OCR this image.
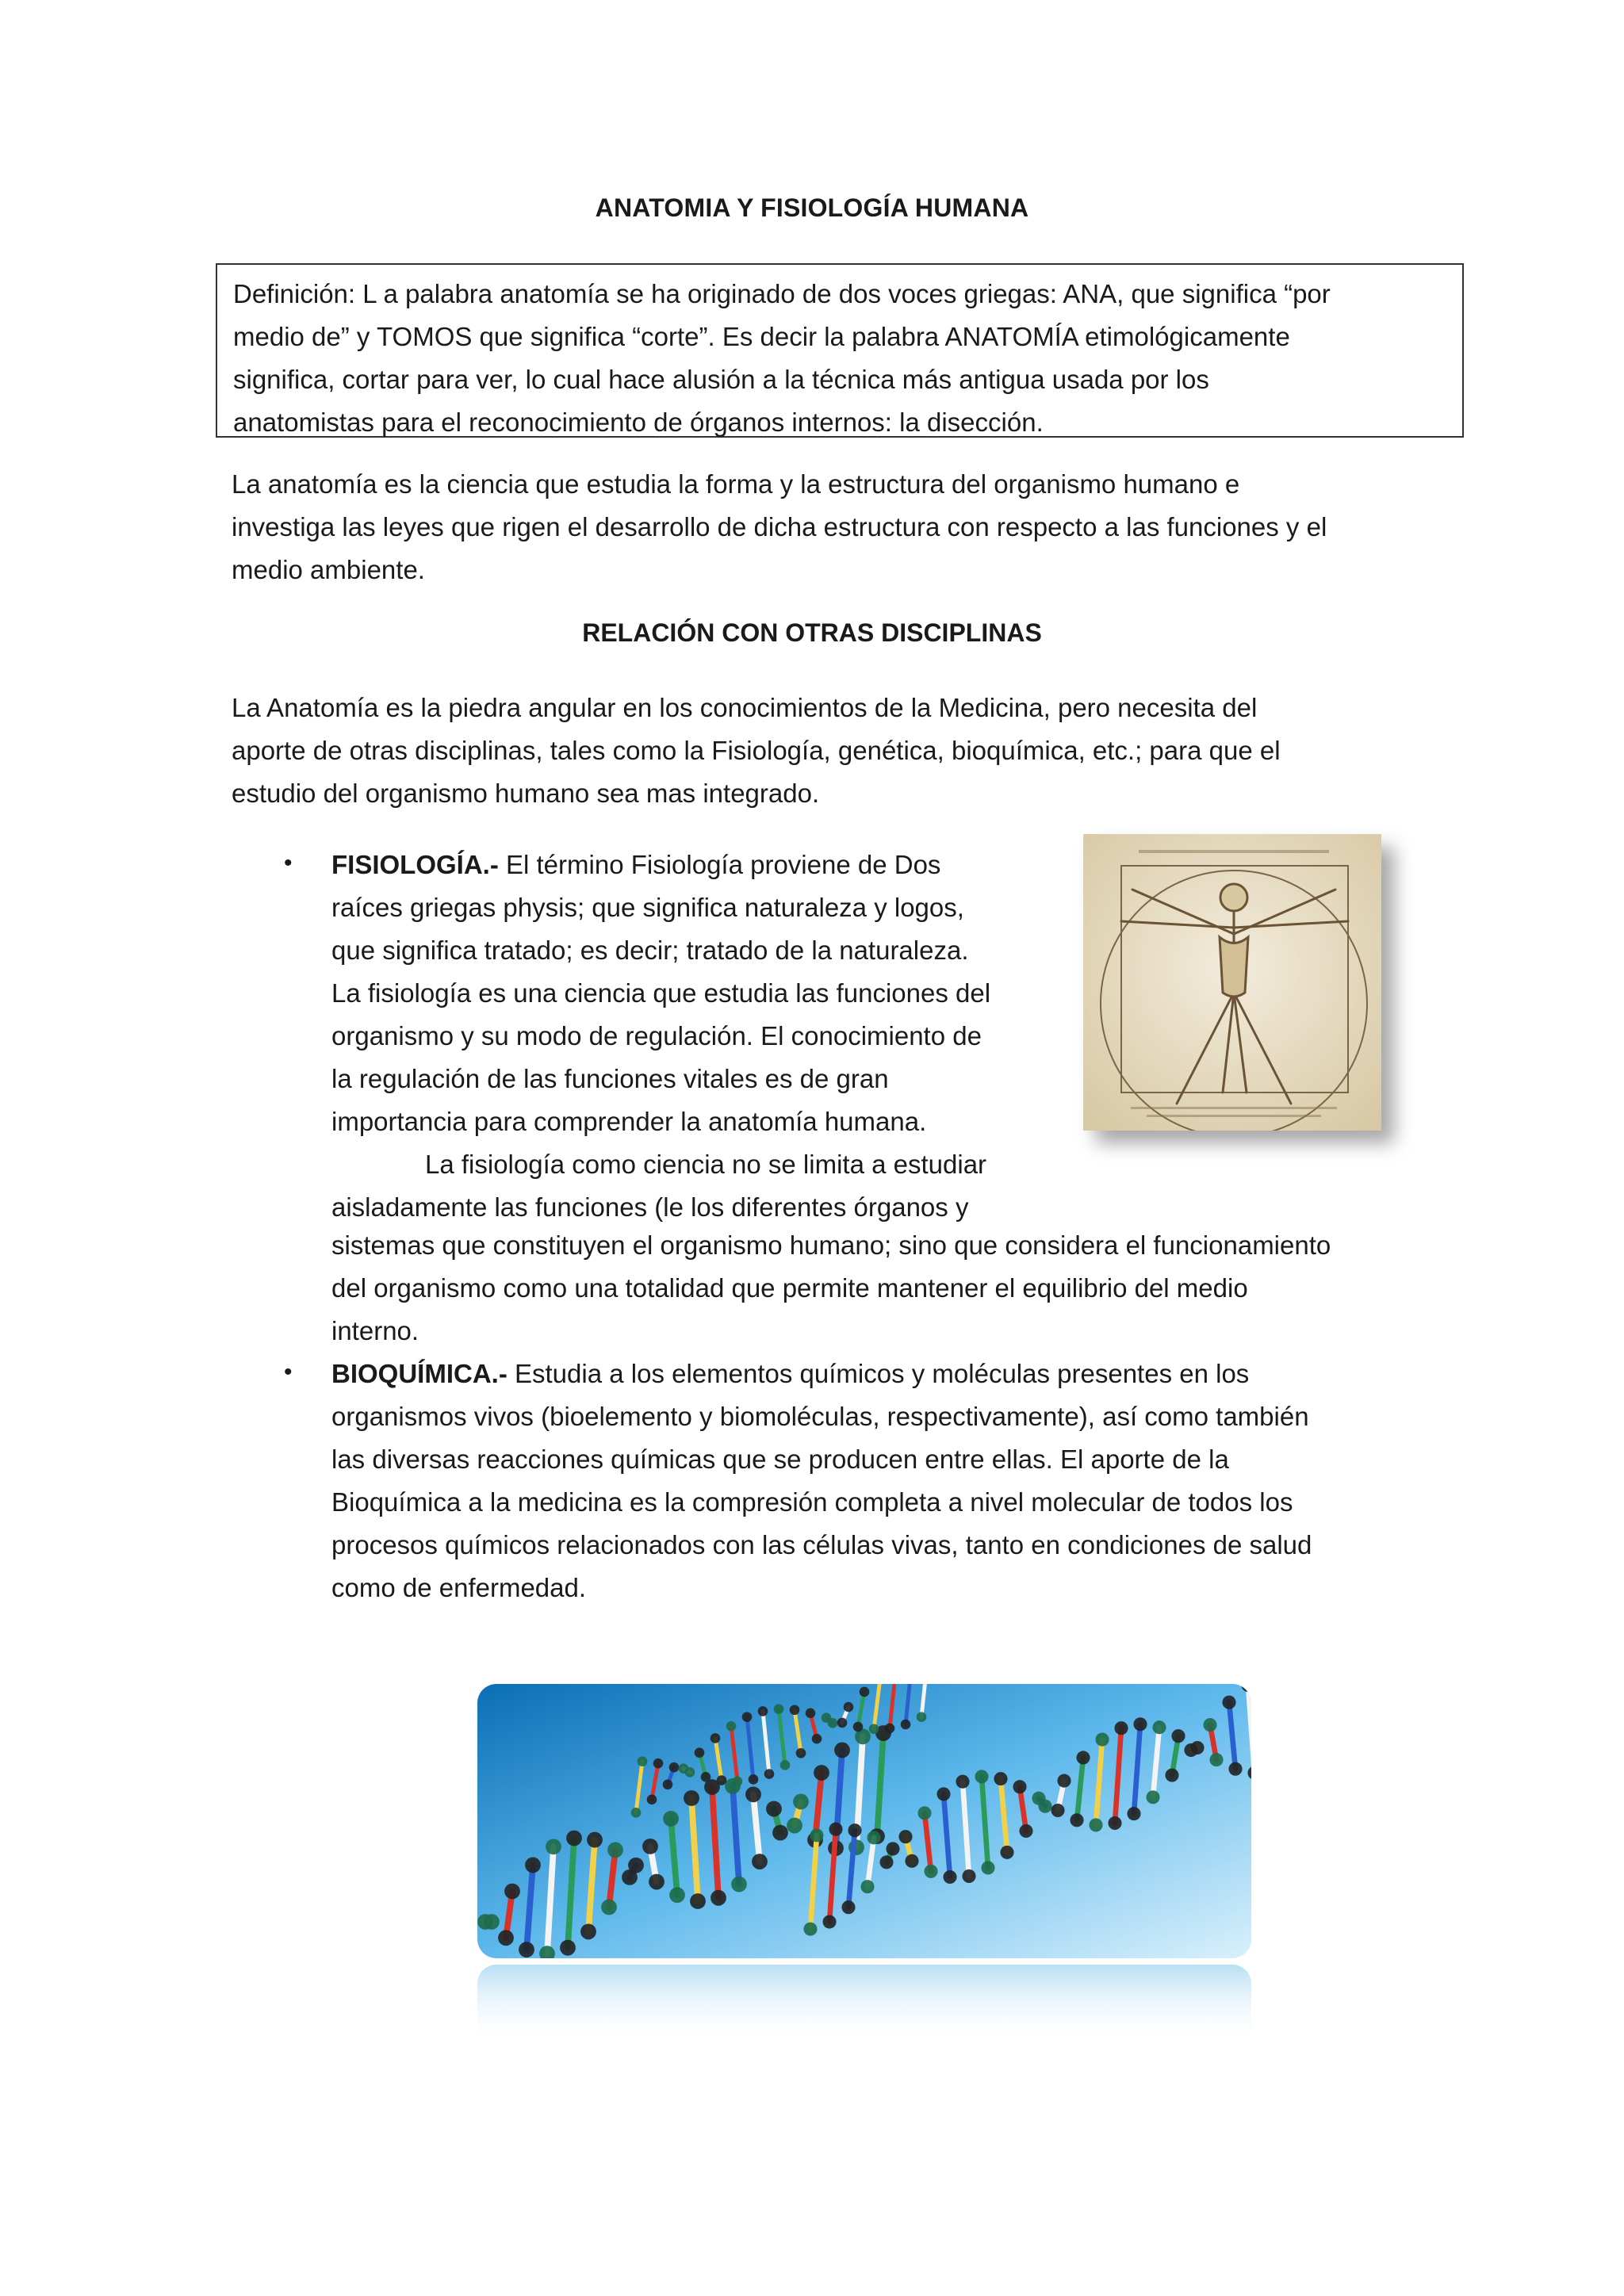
ANATOMIA Y FISIOLOGÍA HUMANA

Definición: L a palabra anatomía se ha originado de dos voces griegas: ANA, que significa “por

medio de” y TOMOS que significa “corte”. Es decir la palabra ANATOMÍA etimológicamente

significa, cortar para ver, lo cual hace alusión a la técnica más antigua usada por los

anatomistas para el reconocimiento de órganos internos: la disección.

La anatomía es la ciencia que estudia la forma y la estructura del organismo humano e

investiga las leyes que rigen el desarrollo de dicha estructura con respecto a las funciones y el

medio ambiente.

RELACIÓN CON OTRAS DISCIPLINAS

La Anatomía es la piedra angular en los conocimientos de la Medicina, pero necesita del

aporte de otras disciplinas, tales como la Fisiología, genética, bioquímica, etc.; para que el

estudio del organismo humano sea mas integrado.

• FISIOLOGÍA.- El término Fisiología proviene de Dos

raíces griegas physis; que significa naturaleza y logos,

que significa tratado; es decir; tratado de la naturaleza.

La fisiología es una ciencia que estudia las funciones del

organismo y su modo de regulación. El conocimiento de

la regulación de las funciones vitales es de gran

importancia para comprender la anatomía humana.

La fisiología como ciencia no se limita a estudiar

aisladamente las funciones (le los diferentes órganos y

sistemas que constituyen el organismo humano; sino que considera el funcionamiento

del organismo como una totalidad que permite mantener el equilibrio del medio

interno.

• BIOQUÍMICA.- Estudia a los elementos químicos y moléculas presentes en los

organismos vivos (bioelemento y biomoléculas, respectivamente), así como también

las diversas reacciones químicas que se producen entre ellas. El aporte de la

Bioquímica a la medicina es la compresión completa a nivel molecular de todos los

procesos químicos relacionados con las células vivas, tanto en condiciones de salud

como de enfermedad.
